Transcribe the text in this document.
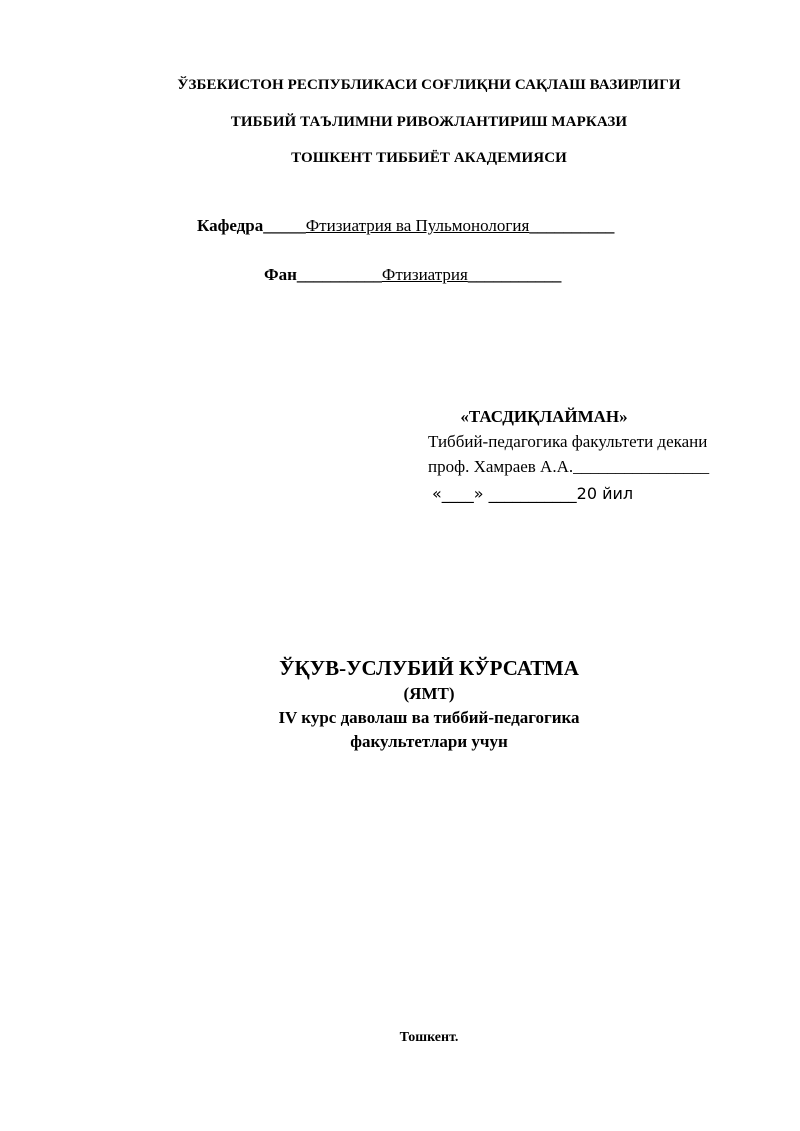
ЎЗБЕКИСТОН РЕСПУБЛИКАСИ СОҒЛИҚНИ САҚЛАШ ВАЗИРЛИГИ
ТИББИЙ ТАЪЛИМНИ РИВОЖЛАНТИРИШ МАРКАЗИ
ТОШКЕНТ ТИББИЁТ АКАДЕМИЯСИ
Кафедра_____Фтизиатрия ва Пульмонология__________
Фан__________Фтизиатрия___________
«ТАСДИҚЛАЙМАН»
Тиббий-педагогика факультети декани
проф. Хамраев А.А.________________
«____» ___________20 йил
ЎҚУВ-УСЛУБИЙ КЎРСАТМА
(ЯМТ)
IV курс даволаш ва тиббий-педагогика
факультетлари учун
Тошкент.
